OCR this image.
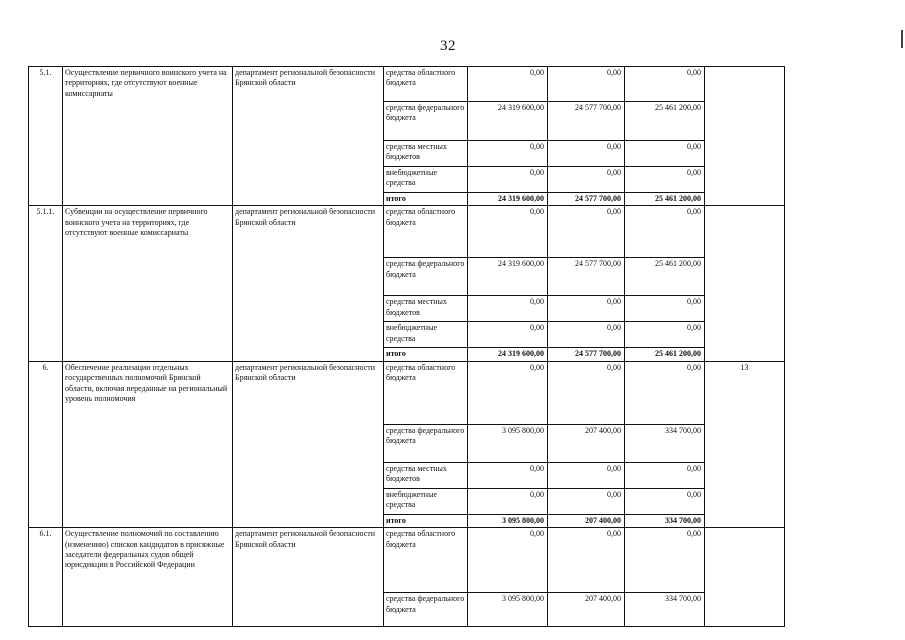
32
5.1.	Осуществление первичного воинского учета на территориях, где отсутствуют военные комиссариаты	департамент региональной безопасности Брянской области	средства областного бюджета	0,00	0,00	0,00	
			средства федерального бюджета	24 319 600,00	24 577 700,00	25 461 200,00	
			средства местных бюджетов	0,00	0,00	0,00	
			внебюджетные средства	0,00	0,00	0,00	
			итого	24 319 600,00	24 577 700,00	25 461 200,00	
5.1.1.	Субвенции на осуществление первичного воинского учета на территориях, где отсутствуют военные комиссариаты	департамент региональной безопасности Брянской области	средства областного бюджета	0,00	0,00	0,00	
			средства федерального бюджета	24 319 600,00	24 577 700,00	25 461 200,00	
			средства местных бюджетов	0,00	0,00	0,00	
			внебюджетные средства	0,00	0,00	0,00	
			итого	24 319 600,00	24 577 700,00	25 461 200,00	
6.	Обеспечение реализации отдельных государственных полномочий Брянской области, включая переданные на региональный уровень полномочия	департамент региональной безопасности Брянской области	средства областного бюджета	0,00	0,00	0,00	13
			средства федерального бюджета	3 095 800,00	207 400,00	334 700,00	
			средства местных бюджетов	0,00	0,00	0,00	
			внебюджетные средства	0,00	0,00	0,00	
			итого	3 095 800,00	207 400,00	334 700,00	
6.1.	Осуществление полномочий по составлению (изменению) списков кандидатов в присяжные заседатели федеральных судов общей юрисдикции в Российской Федерации	департамент региональной безопасности Брянской области	средства областного бюджета	0,00	0,00	0,00	
			средства федерального бюджета	3 095 800,00	207 400,00	334 700,00	
